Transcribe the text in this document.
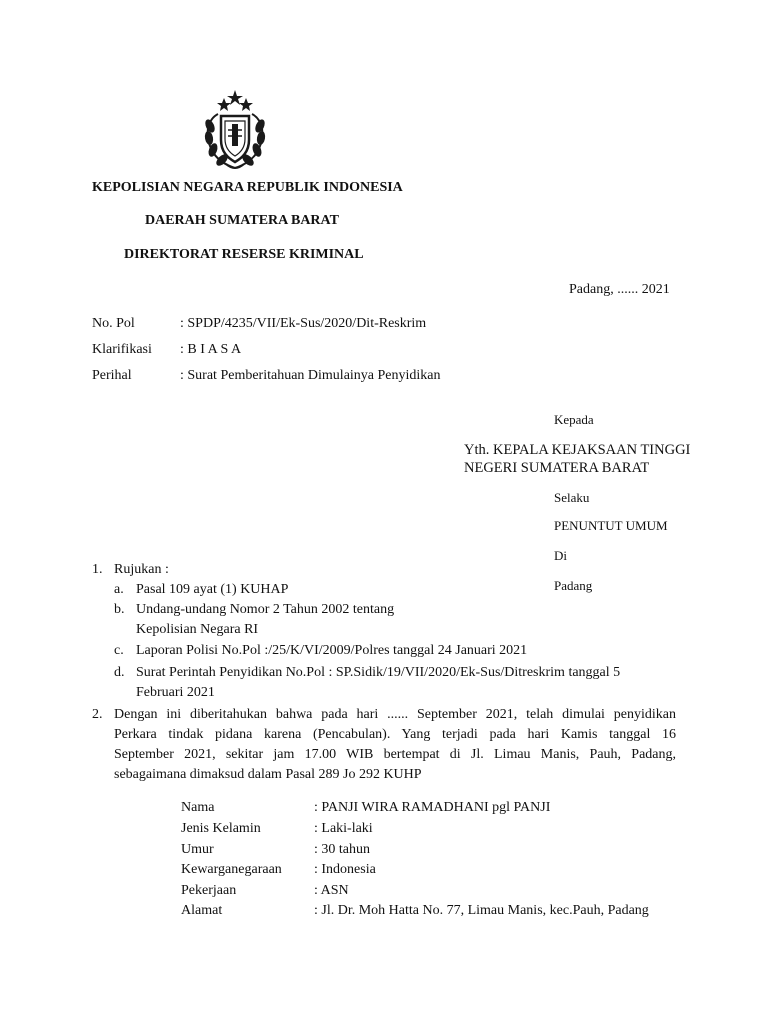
KEPOLISIAN NEGARA REPUBLIK INDONESIA
DAERAH SUMATERA BARAT
DIREKTORAT RESERSE KRIMINAL
Padang, ...... 2021
No. Pol	: SPDP/4235/VII/Ek-Sus/2020/Dit-Reskrim
Klarifikasi : B I A S A
Perihal	: Surat Pemberitahuan Dimulainya Penyidikan
Kepada
Yth. KEPALA KEJAKSAAN TINGGI
NEGERI SUMATERA BARAT
Selaku
PENUNTUT UMUM
Di
Padang
1. Rujukan :
a. Pasal 109 ayat (1) KUHAP
b. Undang-undang Nomor 2 Tahun 2002 tentang
Kepolisian Negara RI
c. Laporan Polisi No.Pol :/25/K/VI/2009/Polres tanggal 24 Januari 2021
d. Surat Perintah Penyidikan No.Pol : SP.Sidik/19/VII/2020/Ek-Sus/Ditreskrim tanggal 5
Februari 2021
2. Dengan ini diberitahukan bahwa pada hari ...... September 2021, telah dimulai penyidikan
Perkara tindak pidana karena (Pencabulan). Yang terjadi pada hari Kamis tanggal 16
September 2021, sekitar jam 17.00 WIB bertempat di Jl. Limau Manis, Pauh, Padang,
sebagaimana dimaksud dalam Pasal 289 Jo 292 KUHP
Nama	: PANJI WIRA RAMADHANI pgl PANJI
Jenis Kelamin	: Laki-laki
Umur	: 30 tahun
Kewarganegaraan : Indonesia
Pekerjaan	: ASN
Alamat	: Jl. Dr. Moh Hatta No. 77, Limau Manis, kec.Pauh, Padang
